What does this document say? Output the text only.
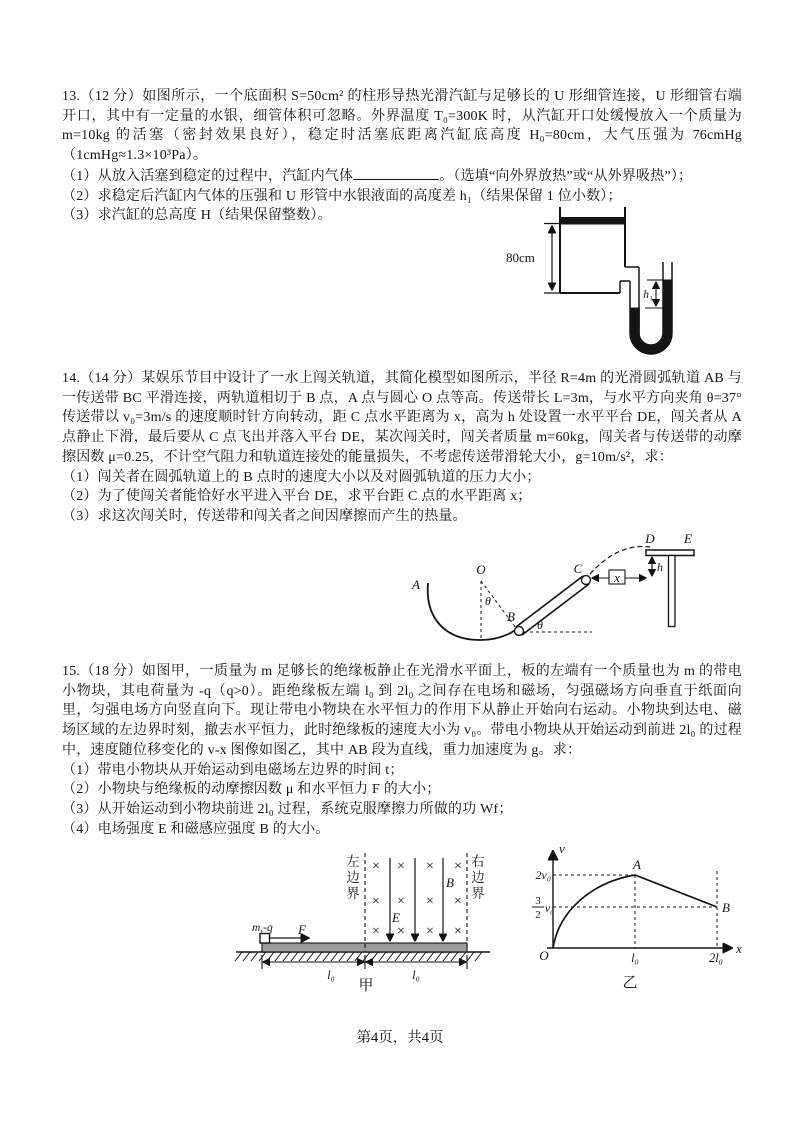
13.（12 分）如图所示，一个底面积 S=50cm² 的柱形导热光滑汽缸与足够长的 U 形细管连接，U 形细管右端开口，其中有一定量的水银，细管体积可忽略。外界温度 T₀=300K 时，从汽缸开口处缓慢放入一个质量为 m=10kg 的活塞（密封效果良好），稳定时活塞底距离汽缸底高度 H₀=80cm，大气压强为 76cmHg（1cmHg≈1.3×10³Pa）。
（1）从放入活塞到稳定的过程中，汽缸内气体	。（选填“向外界放热”或“从外界吸热”）；
（2）求稳定后汽缸内气体的压强和 U 形管中水银液面的高度差 h₁（结果保留 1 位小数）；
（3）求汽缸的总高度 H（结果保留整数）。
80cm
h₁
14.（14 分）某娱乐节目中设计了一水上闯关轨道，其简化模型如图所示，半径 R=4m 的光滑圆弧轨道 AB 与一传送带 BC 平滑连接，两轨道相切于 B 点，A 点与圆心 O 点等高。传送带长 L=3m，与水平方向夹角 θ=37°传送带以 v₀=3m/s 的速度顺时针方向转动，距 C 点水平距离为 x，高为 h 处设置一水平平台 DE，闯关者从 A 点静止下滑，最后要从 C 点飞出并落入平台 DE，某次闯关时，闯关者质量 m=60kg，闯关者与传送带的动摩擦因数 μ=0.25，不计空气阻力和轨道连接处的能量损失，不考虑传送带滑轮大小，g=10m/s²，求：
（1）闯关者在圆弧轨道上的 B 点时的速度大小以及对圆弧轨道的压力大小；
（2）为了使闯关者能恰好水平进入平台 DE，求平台距 C 点的水平距离 x；
（3）求这次闯关时，传送带和闯关者之间因摩擦而产生的热量。
A
O
θ
B
θ
C
D E
h
x
15.（18 分）如图甲，一质量为 m 足够长的绝缘板静止在光滑水平面上，板的左端有一个质量也为 m 的带电小物块，其电荷量为 -q（q>0）。距绝缘板左端 l₀ 到 2l₀ 之间存在电场和磁场，匀强磁场方向垂直于纸面向里，匀强电场方向竖直向下。现让带电小物块在水平恒力的作用下从静止开始向右运动。小物块到达电、磁场区域的左边界时刻，撤去水平恒力，此时绝缘板的速度大小为 v₀。带电小物块从开始运动到前进 2l₀ 的过程中，速度随位移变化的 v-x 图像如图乙，其中 AB 段为直线，重力加速度为 g。求：
（1）带电小物块从开始运动到电磁场左边界的时间 t；
（2）小物块与绝缘板的动摩擦因数 μ 和水平恒力 F 的大小；
（3）从开始运动到小物块前进 2l₀ 过程，系统克服摩擦力所做的功 Wf；
（4）电场强度 E 和磁感应强度 B 的大小。
m,-q F
左
边
界
右
边
界
× × × ×
× × × ×
× × × ×
B
E
l₀	l₀
甲
v
x
O
A
B
2v₀
3
2 v₀
l₀	2l₀
乙
第4页，共4页
